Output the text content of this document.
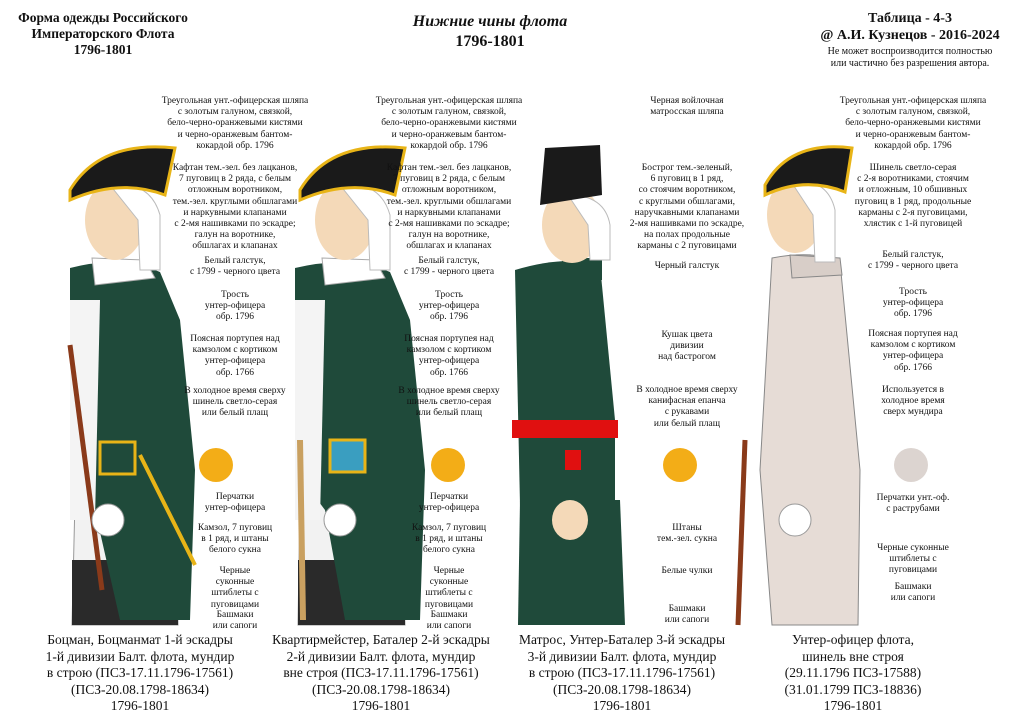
Форма одежды Российского
Императорского Флота
1796-1801
Нижние чины флота
1796-1801
Таблица - 4-3
@ А.И. Кузнецов - 2016-2024
Не может воспроизводится полностью
или частично без разрешения автора.
Треугольная унт.-офицерская шляпа
с золотым галуном, связкой,
бело-черно-оранжевыми кистями
и черно-оранжевым бантом-
кокардой обр. 1796
Кафтан тем.-зел. без лацканов,
7 пуговиц в 2 ряда, с белым
отложным воротником,
тем.-зел. круглыми обшлагами
и наркувными клапанами
с 2-мя нашивками по эскадре;
галун на воротнике,
обшлагах и клапанах
Белый галстук,
с 1799 - черного цвета
Трость
унтер-офицера
обр. 1796
Поясная портупея над
камзолом с кортиком
унтер-офицера
обр. 1766
В холодное время сверху
шинель светло-серая
или белый плащ
Перчатки
унтер-офицера
Камзол, 7 пуговиц
в 1 ряд, и штаны
белого сукна
Черные
суконные
штиблеты с
пуговицами
Башмаки
или сапоги
Треугольная унт.-офицерская шляпа
с золотым галуном, связкой,
бело-черно-оранжевыми кистями
и черно-оранжевым бантом-
кокардой обр. 1796
Кафтан тем.-зел. без лацканов,
7 пуговиц в 2 ряда, с белым
отложным воротником,
тем.-зел. круглыми обшлагами
и наркувными клапанами
с 2-мя нашивками по эскадре;
галун на воротнике,
обшлагах и клапанах
Белый галстук,
с 1799 - черного цвета
Трость
унтер-офицера
обр. 1796
Поясная портупея над
камзолом с кортиком
унтер-офицера
обр. 1766
В холодное время сверху
шинель светло-серая
или белый плащ
Перчатки
унтер-офицера
Камзол, 7 пуговиц
в 1 ряд, и штаны
белого сукна
Черные
суконные
штиблеты с
пуговицами
Башмаки
или сапоги
Черная войлочная
матросская шляпа
Бострог тем.-зеленый,
6 пуговиц в 1 ряд,
со стоячим воротником,
с круглыми обшлагами,
наручкавными клапанами
2-мя нашивками по эскадре,
на полах продольные
карманы с 2 пуговицами
Черный галстук
Кушак цвета
дивизии
над бастрогом
В холодное время сверху
канифасная епанча
с рукавами
или белый плащ
Штаны
тем.-зел. сукна
Белые чулки
Башмаки
или сапоги
Треугольная унт.-офицерская шляпа
с золотым галуном, связкой,
бело-черно-оранжевыми кистями
и черно-оранжевым бантом-
кокардой обр. 1796
Шинель светло-серая
с 2-я воротниками, стоячим
и отложным, 10 обшивных
пуговиц в 1 ряд, продольные
карманы с 2-я пуговицами,
хлястик с 1-й пуговицей
Белый галстук,
с 1799 - черного цвета
Трость
унтер-офицера
обр. 1796
Поясная портупея над
камзолом с кортиком
унтер-офицера
обр. 1766
Используется в
холодное время
сверх мундира
Перчатки унт.-оф.
с раструбами
Черные суконные
штиблеты с
пуговицами
Башмаки
или сапоги
Боцман, Боцманмат 1-й эскадры
1-й дивизии Балт. флота, мундир
в строю (ПСЗ-17.11.1796-17561)
(ПСЗ-20.08.1798-18634)
1796-1801
Квартирмейстер, Баталер 2-й эскадры
2-й дивизии Балт. флота, мундир
вне строя (ПСЗ-17.11.1796-17561)
(ПСЗ-20.08.1798-18634)
1796-1801
Матрос, Унтер-Баталер 3-й эскадры
3-й дивизии Балт. флота, мундир
в строю (ПСЗ-17.11.1796-17561)
(ПСЗ-20.08.1798-18634)
1796-1801
Унтер-офицер флота,
шинель вне строя
(29.11.1796 ПСЗ-17588)
(31.01.1799 ПСЗ-18836)
1796-1801
